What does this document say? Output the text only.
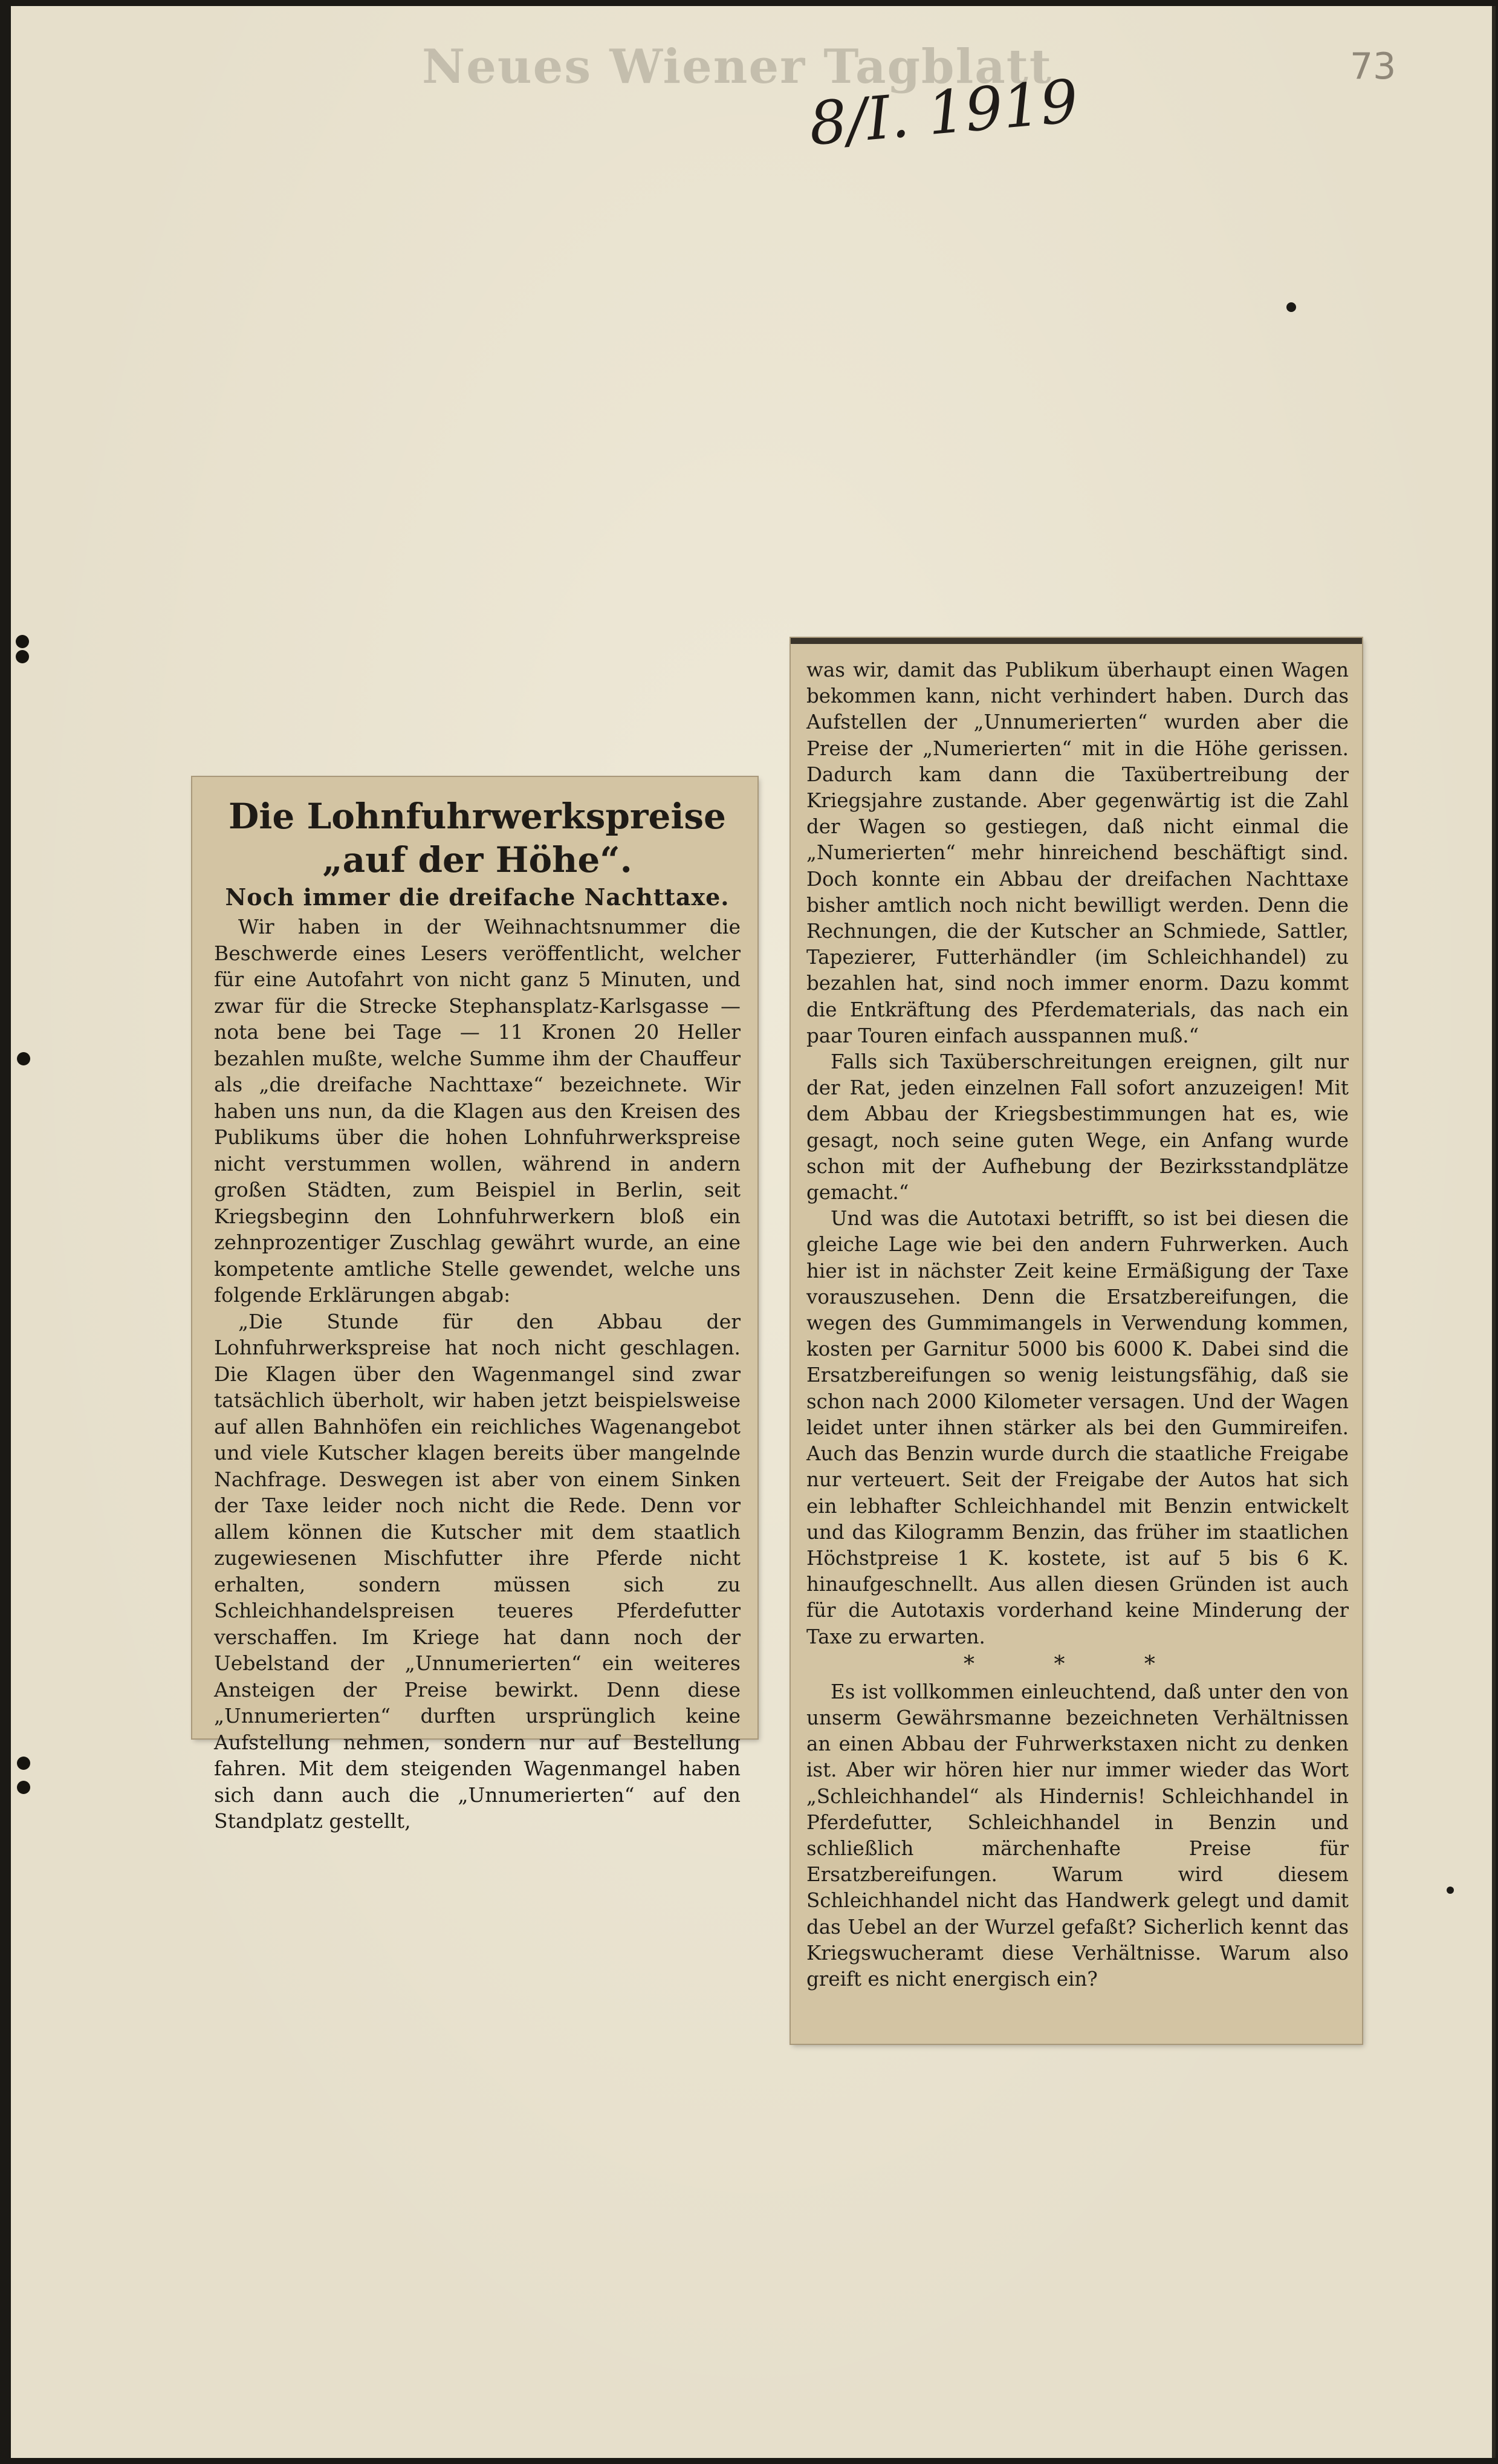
Neues Wiener Tagblatt
8/I. 1919
73
Die Lohnfuhrwerkspreise
„auf der Höhe“.
Noch immer die dreifache Nachttaxe.

Wir haben in der Weihnachtsnummer die Beschwerde eines Lesers veröffentlicht, welcher für eine Autofahrt von nicht ganz 5 Minuten, und zwar für die Strecke Stephansplatz-Karlsgasse — nota bene bei Tage — 11 Kronen 20 Heller bezahlen mußte, welche Summe ihm der Chauffeur als „die dreifache Nachttaxe“ bezeichnete. Wir haben uns nun, da die Klagen aus den Kreisen des Publikums über die hohen Lohnfuhrwerkspreise nicht verstummen wollen, während in andern großen Städten, zum Beispiel in Berlin, seit Kriegsbeginn den Lohnfuhrwerkern bloß ein zehnprozentiger Zuschlag gewährt wurde, an eine kompetente amtliche Stelle gewendet, welche uns folgende Erklärungen abgab:

„Die Stunde für den Abbau der Lohnfuhrwerkspreise hat noch nicht geschlagen. Die Klagen über den Wagenmangel sind zwar tatsächlich überholt, wir haben jetzt beispielsweise auf allen Bahnhöfen ein reichliches Wagenangebot und viele Kutscher klagen bereits über mangelnde Nachfrage. Deswegen ist aber von einem Sinken der Taxe leider noch nicht die Rede. Denn vor allem können die Kutscher mit dem staatlich zugewiesenen Mischfutter ihre Pferde nicht erhalten, sondern müssen sich zu Schleichhandelspreisen teueres Pferdefutter verschaffen. Im Kriege hat dann noch der Uebelstand der „Unnumerierten“ ein weiteres Ansteigen der Preise bewirkt. Denn diese „Unnumerierten“ durften ursprünglich keine Aufstellung nehmen, sondern nur auf Bestellung fahren. Mit dem steigenden Wagenmangel haben sich dann auch die „Unnumerierten“ auf den Standplatz gestellt,

was wir, damit das Publikum überhaupt einen Wagen bekommen kann, nicht verhindert haben. Durch das Aufstellen der „Unnumerierten“ wurden aber die Preise der „Numerierten“ mit in die Höhe gerissen. Dadurch kam dann die Taxübertreibung der Kriegsjahre zustande. Aber gegenwärtig ist die Zahl der Wagen so gestiegen, daß nicht einmal die „Numerierten“ mehr hinreichend beschäftigt sind. Doch konnte ein Abbau der dreifachen Nachttaxe bisher amtlich noch nicht bewilligt werden. Denn die Rechnungen, die der Kutscher an Schmiede, Sattler, Tapezierer, Futterhändler (im Schleichhandel) zu bezahlen hat, sind noch immer enorm. Dazu kommt die Entkräftung des Pferdematerials, das nach ein paar Touren einfach ausspannen muß.“

Falls sich Taxüberschreitungen ereignen, gilt nur der Rat, jeden einzelnen Fall sofort anzuzeigen! Mit dem Abbau der Kriegsbestimmungen hat es, wie gesagt, noch seine guten Wege, ein Anfang wurde schon mit der Aufhebung der Bezirksstandplätze gemacht.“

Und was die Autotaxi betrifft, so ist bei diesen die gleiche Lage wie bei den andern Fuhrwerken. Auch hier ist in nächster Zeit keine Ermäßigung der Taxe vorauszusehen. Denn die Ersatzbereifungen, die wegen des Gummimangels in Verwendung kommen, kosten per Garnitur 5000 bis 6000 K. Dabei sind die Ersatzbereifungen so wenig leistungsfähig, daß sie schon nach 2000 Kilometer versagen. Und der Wagen leidet unter ihnen stärker als bei den Gummireifen. Auch das Benzin wurde durch die staatliche Freigabe nur verteuert. Seit der Freigabe der Autos hat sich ein lebhafter Schleichhandel mit Benzin entwickelt und das Kilogramm Benzin, das früher im staatlichen Höchstpreise 1 K. kostete, ist auf 5 bis 6 K. hinaufgeschnellt. Aus allen diesen Gründen ist auch für die Autotaxis vorderhand keine Minderung der Taxe zu erwarten.

* * *

Es ist vollkommen einleuchtend, daß unter den von unserm Gewährsmanne bezeichneten Verhältnissen an einen Abbau der Fuhrwerkstaxen nicht zu denken ist. Aber wir hören hier nur immer wieder das Wort „Schleichhandel“ als Hindernis! Schleichhandel in Pferdefutter, Schleichhandel in Benzin und schließlich märchenhafte Preise für Ersatzbereifungen. Warum wird diesem Schleichhandel nicht das Handwerk gelegt und damit das Uebel an der Wurzel gefaßt? Sicherlich kennt das Kriegswucheramt diese Verhältnisse. Warum also greift es nicht energisch ein?
